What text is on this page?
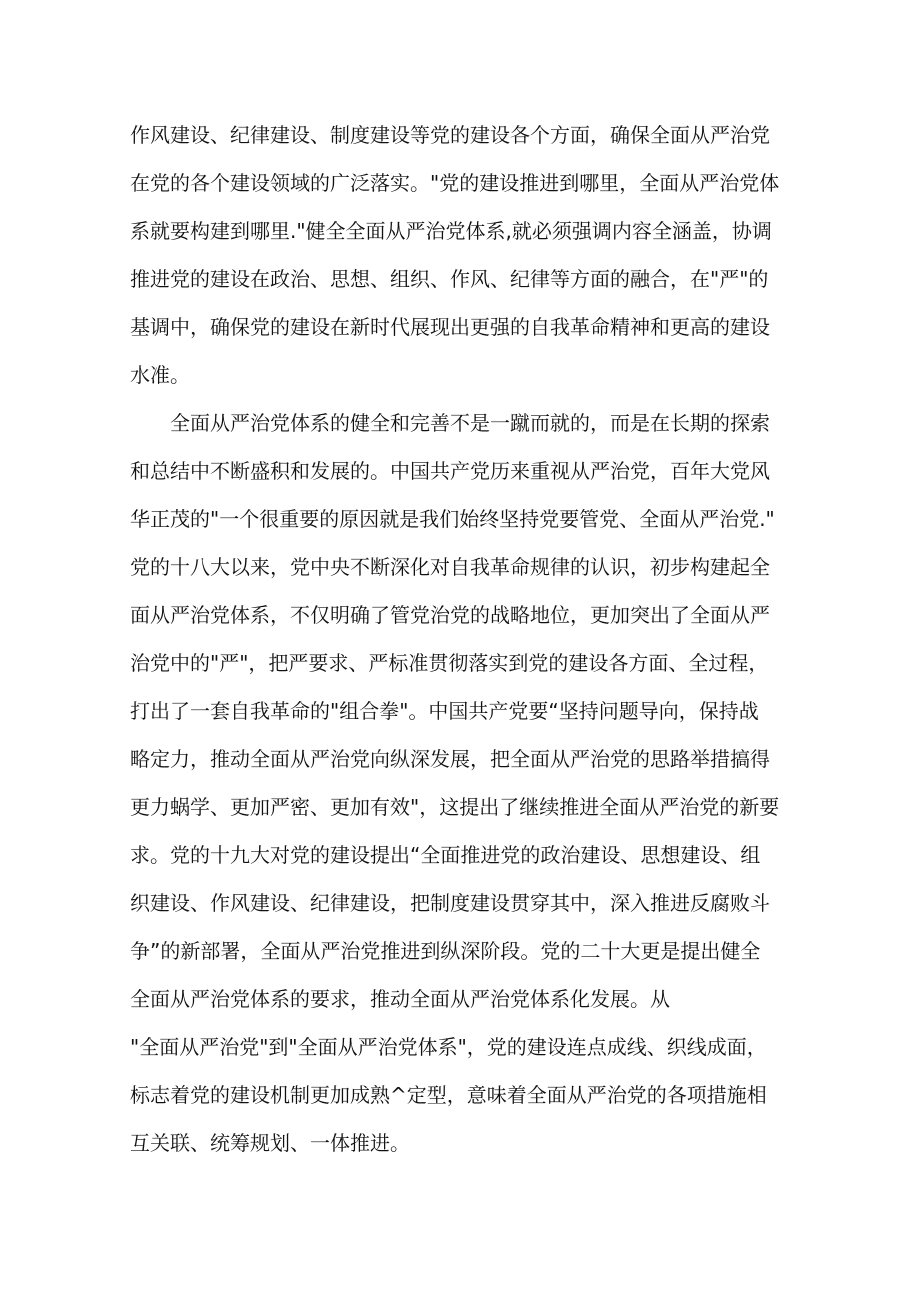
作风建设、纪律建设、制度建设等党的建设各个方面，确保全面从严治党
在党的各个建设领域的广泛落实。"党的建设推进到哪里，全面从严治党体
系就要构建到哪里."健全全面从严治党体系,就必须强调内容全涵盖，协调
推进党的建设在政治、思想、组织、作风、纪律等方面的融合，在"严"的
基调中，确保党的建设在新时代展现出更强的自我革命精神和更高的建设
水准。
　　全面从严治党体系的健全和完善不是一蹴而就的，而是在长期的探索
和总结中不断盛积和发展的。中国共产党历来重视从严治党，百年大党风
华正茂的"一个很重要的原因就是我们始终坚持党要管党、全面从严治党."
党的十八大以来，党中央不断深化对自我革命规律的认识，初步构建起全
面从严治党体系，不仅明确了管党治党的战略地位，更加突出了全面从严
治党中的"严"，把严要求、严标准贯彻落实到党的建设各方面、全过程，
打出了一套自我革命的"组合拳"。中国共产党要“坚持问题导向，保持战
略定力，推动全面从严治党向纵深发展，把全面从严治党的思路举措搞得
更力蜗学、更加严密、更加有效"，这提出了继续推进全面从严治党的新要
求。党的十九大对党的建设提出“全面推进党的政治建设、思想建设、组
织建设、作风建设、纪律建设，把制度建设贯穿其中，深入推进反腐败斗
争”的新部署，全面从严治党推进到纵深阶段。党的二十大更是提出健全
全面从严治党体系的要求，推动全面从严治党体系化发展。从
"全面从严治党"到"全面从严治党体系"，党的建设连点成线、织线成面，
标志着党的建设机制更加成熟^定型，意味着全面从严治党的各项措施相
互关联、统筹规划、一体推进。
